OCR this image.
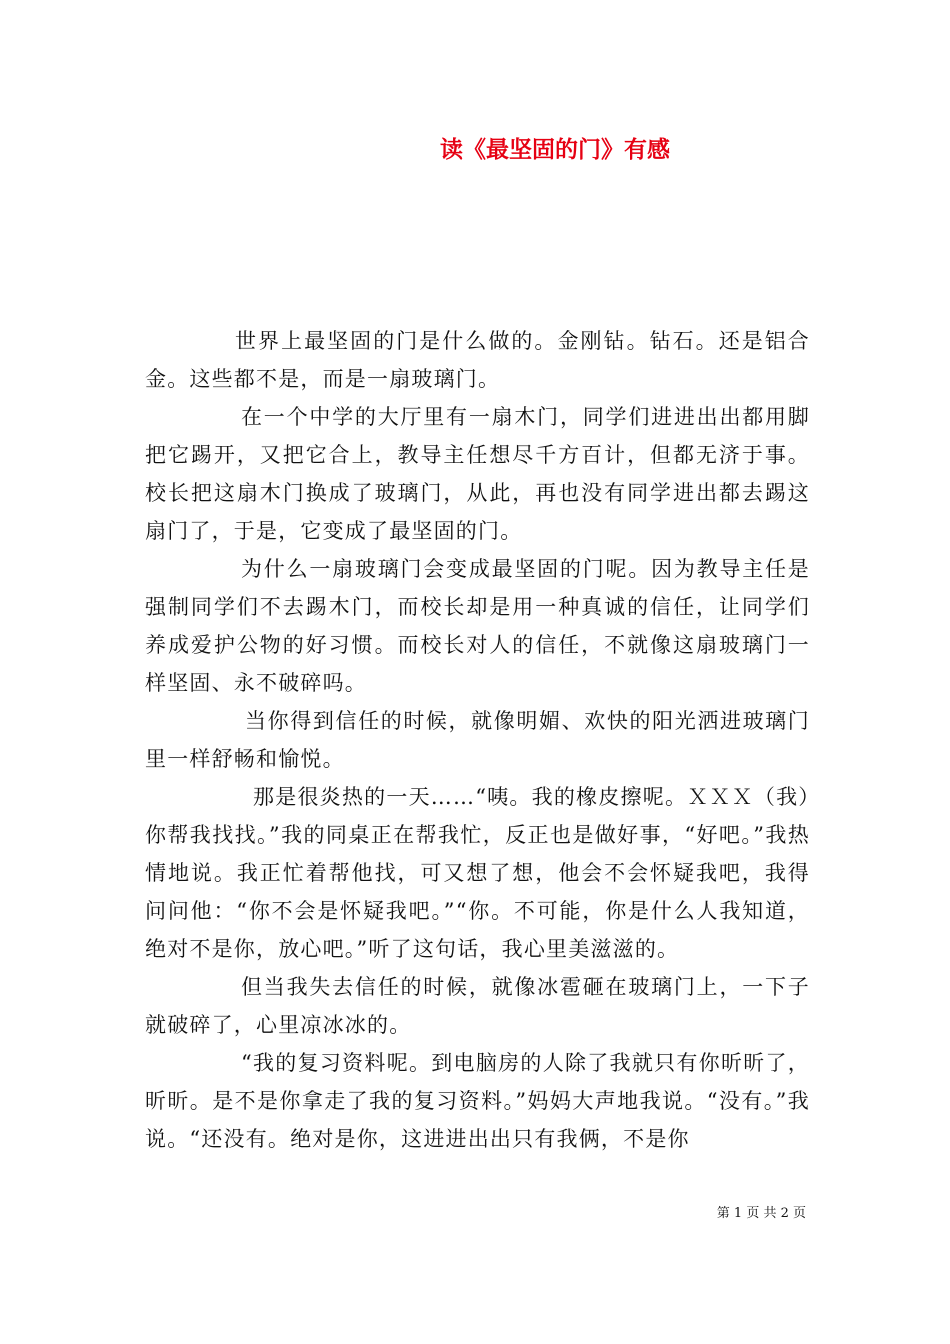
读《最坚固的门》有感

世界上最坚固的门是什么做的。金刚钻。钻石。还是铝合金。这些都不是，而是一扇玻璃门。

在一个中学的大厅里有一扇木门，同学们进进出出都用脚把它踢开，又把它合上，教导主任想尽千方百计，但都无济于事。校长把这扇木门换成了玻璃门，从此，再也没有同学进出都去踢这扇门了，于是，它变成了最坚固的门。

为什么一扇玻璃门会变成最坚固的门呢。因为教导主任是强制同学们不去踢木门，而校长却是用一种真诚的信任，让同学们养成爱护公物的好习惯。而校长对人的信任，不就像这扇玻璃门一样坚固、永不破碎吗。

当你得到信任的时候，就像明媚、欢快的阳光洒进玻璃门里一样舒畅和愉悦。

那是很炎热的一天……“咦。我的橡皮擦呢。ＸＸＸ（我）你帮我找找。”我的同桌正在帮我忙，反正也是做好事，“好吧。”我热情地说。我正忙着帮他找，可又想了想，他会不会怀疑我吧，我得问问他：“你不会是怀疑我吧。”“你。不可能，你是什么人我知道，绝对不是你，放心吧。”听了这句话，我心里美滋滋的。

但当我失去信任的时候，就像冰雹砸在玻璃门上，一下子就破碎了，心里凉冰冰的。

“我的复习资料呢。到电脑房的人除了我就只有你昕昕了，昕昕。是不是你拿走了我的复习资料。”妈妈大声地我说。“没有。”我说。“还没有。绝对是你，这进进出出只有我俩，不是你

第 1 页 共 2 页
